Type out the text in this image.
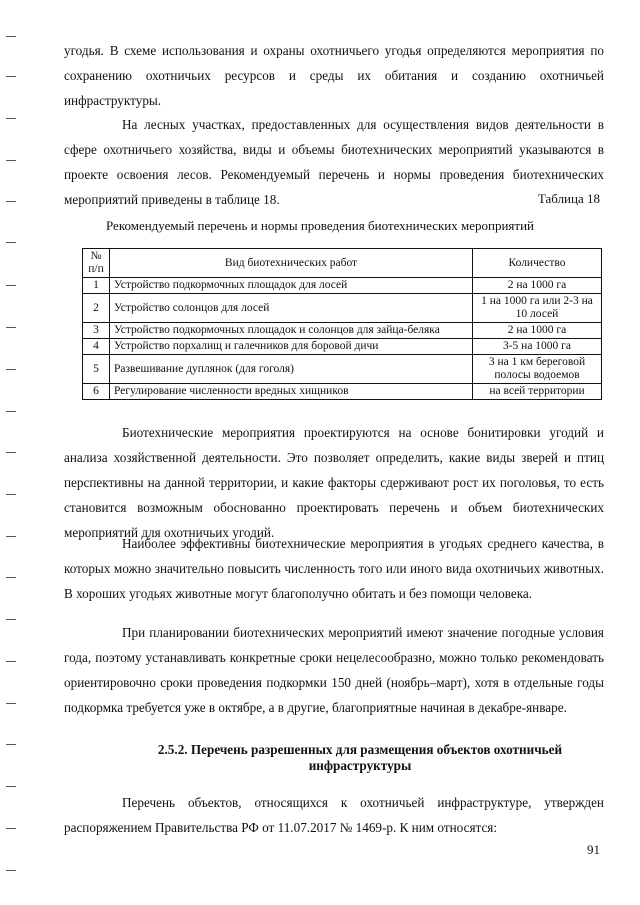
угодья. В схеме использования и охраны охотничьего угодья определяются мероприятия по сохранению охотничьих ресурсов и среды их обитания и созданию охотничьей инфраструктуры.

На лесных участках, предоставленных для осуществления видов деятельности в сфере охотничьего хозяйства, виды и объемы биотехнических мероприятий указываются в проекте освоения лесов. Рекомендуемый перечень и нормы проведения биотехнических мероприятий приведены в таблице 18.	Таблица 18
Рекомендуемый перечень и нормы проведения биотехнических мероприятий
№ п/п	Вид биотехнических работ	Количество
1	Устройство подкормочных площадок для лосей	2 на 1000 га
2	Устройство солонцов для лосей	1 на 1000 га или 2-3 на 10 лосей
3	Устройство подкормочных площадок и солонцов для зайца-беляка	2 на 1000 га
4	Устройство порхалищ и галечников для боровой дичи	3-5 на 1000 га
5	Развешивание дуплянок (для гоголя)	3 на 1 км береговой полосы водоемов
6	Регулирование численности вредных хищников	на всей территории

Биотехнические мероприятия проектируются на основе бонитировки угодий и анализа хозяйственной деятельности. Это позволяет определить, какие виды зверей и птиц перспективны на данной территории, и какие факторы сдерживают рост их поголовья, то есть становится возможным обоснованно проектировать перечень и объем биотехнических мероприятий для охотничьих угодий.

Наиболее эффективны биотехнические мероприятия в угодьях среднего качества, в которых можно значительно повысить численность того или иного вида охотничьих животных. В хороших угодьях животные могут благополучно обитать и без помощи человека.

При планировании биотехнических мероприятий имеют значение погодные условия года, поэтому устанавливать конкретные сроки нецелесообразно, можно только рекомендовать ориентировочно сроки проведения подкормки 150 дней (ноябрь–март), хотя в отдельные годы подкормка требуется уже в октябре, а в другие, благоприятные начиная в декабре-январе.

2.5.2. Перечень разрешенных для размещения объектов охотничьей инфраструктуры

Перечень объектов, относящихся к охотничьей инфраструктуре, утвержден распоряжением Правительства РФ от 11.07.2017 № 1469-р. К ним относятся:

91
